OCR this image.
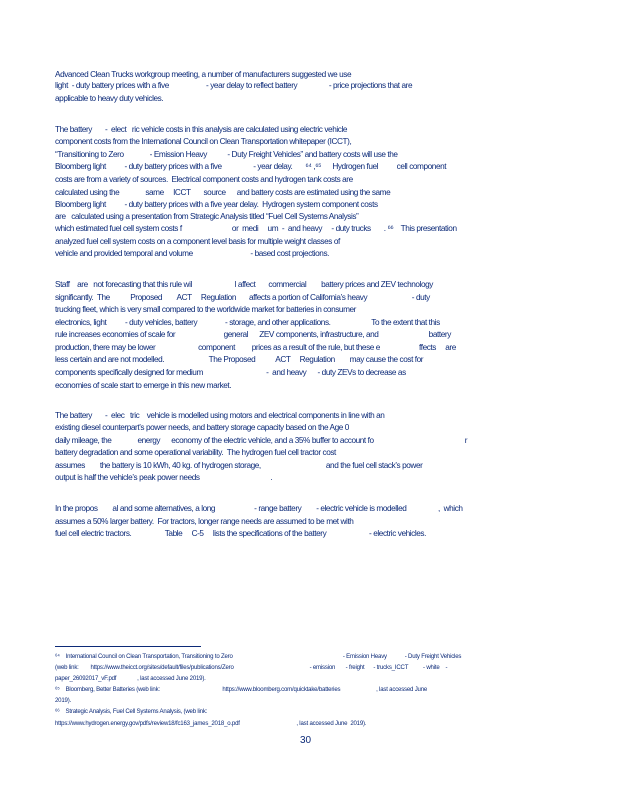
Advanced Clean Trucks workgroup meeting, a number of manufacturers suggested we use
light  - duty battery prices with a five                    - year delay to reflect battery                 - price projections that are
applicable to heavy duty vehicles.
The battery       -  elect   ric vehicle costs in this analysis are calculated using electric vehicle
component costs from the International Council on Clean Transportation whitepaper (ICCT),
“Transitioning to Zero              - Emission Heavy           - Duty Freight Vehicles” and battery costs will use the
Bloomberg light          - duty battery prices with a five                 - year delay.       ⁶⁴ ,⁶⁵      Hydrogen fuel          cell component
costs are from a variety of sources.  Electrical component costs and hydrogen tank costs are
calculated using the              same     ICCT       source      and battery costs are estimated using the same
Bloomberg light          - duty battery prices with a five year delay.  Hydrogen system component costs
are   calculated using a presentation from Strategic Analysis titled “Fuel Cell Systems Analysis”
which estimated fuel cell system costs f                           or  medi     um  -  and heavy     - duty trucks       . ⁶⁶    This presentation
analyzed fuel cell system costs on a component level basis for multiple weight classes of
vehicle and provided temporal and volume                               - based cost projections.
Staff    are   not forecasting that this rule wil                       l affect       commercial        battery prices and ZEV technology
significantly.  The           Proposed        ACT     Regulation       affects a portion of California’s heavy                        - duty
trucking fleet, which is very small compared to the worldwide market for batteries in consumer
electronics, light          - duty vehicles, battery               - storage, and other applications.                      To the extent that this
rule increases economies of scale for                          general      ZEV components, infrastructure, and                           battery
production, there may be lower                       component         prices as a result of the rule, but these e                     ffects     are
less certain and are not modelled.                        The Proposed           ACT     Regulation        may cause the cost for
components specifically designed for medium                                  -  and heavy      - duty ZEVs to decrease as
economies of scale start to emerge in this new market.
The battery       -  elec   tric    vehicle is modelled using motors and electrical components in line with an
existing diesel counterpart’s power needs, and battery storage capacity based on the Age 0
daily mileage, the              energy      economy of the electric vehicle, and a 35% buffer to account fo                                                 r
battery degradation and some operational variability.  The hydrogen fuel cell tractor cost
assumes        the battery is 10 kWh, 40 kg. of hydrogen storage,                                   and the fuel cell stack’s power
output is half the vehicle’s peak power needs                                      .
In the propos        al and some alternatives, a long                     - range battery        - electric vehicle is modelled                 ,  which
assumes a 50% larger battery.  For tractors, longer range needs are assumed to be met with
fuel cell electric tractors.                  Table     C-5     lists the specifications of the battery                       - electric vehicles.
⁶⁴    International Council on Clean Transportation, Transitioning to Zero                                                                          - Emission Heavy            - Duty Freight Vehicles
(web link:        https://www.theicct.org/sites/default/files/publications/Zero                                                   - emission       - freight      - trucks_ICCT          - white    -
paper_26092017_vF.pdf              , last accessed June 2019).
⁶⁵    Bloomberg, Better Batteries (web link:                                          https://www.bloomberg.com/quicktake/batteries                        , last accessed June
2019).
⁶⁶    Strategic Analysis, Fuel Cell Systems Analysis, (web link:
https://www.hydrogen.energy.gov/pdfs/review18/fc163_james_2018_o.pdf                                      , last accessed June  2019).
30
